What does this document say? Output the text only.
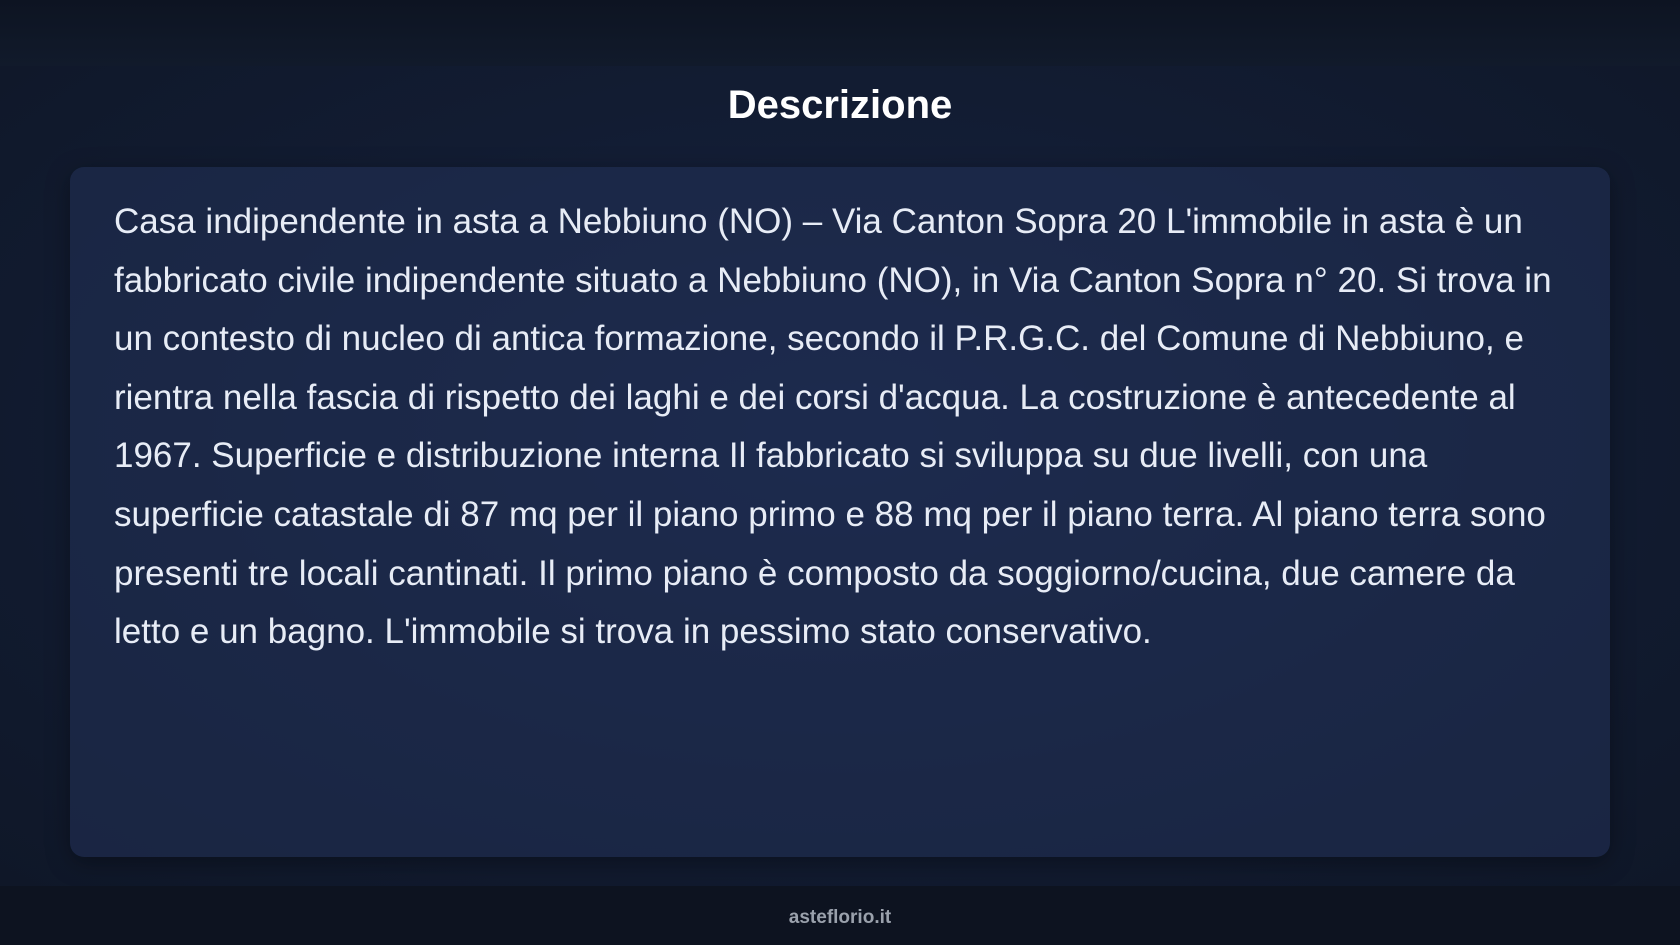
Descrizione

Casa indipendente in asta a Nebbiuno (NO) – Via Canton Sopra 20 L'immobile in asta è un fabbricato civile indipendente situato a Nebbiuno (NO), in Via Canton Sopra n° 20. Si trova in un contesto di nucleo di antica formazione, secondo il P.R.G.C. del Comune di Nebbiuno, e rientra nella fascia di rispetto dei laghi e dei corsi d'acqua. La costruzione è antecedente al 1967. Superficie e distribuzione interna Il fabbricato si sviluppa su due livelli, con una superficie catastale di 87 mq per il piano primo e 88 mq per il piano terra. Al piano terra sono presenti tre locali cantinati. Il primo piano è composto da soggiorno/cucina, due camere da letto e un bagno. L'immobile si trova in pessimo stato conservativo.

asteflorio.it
